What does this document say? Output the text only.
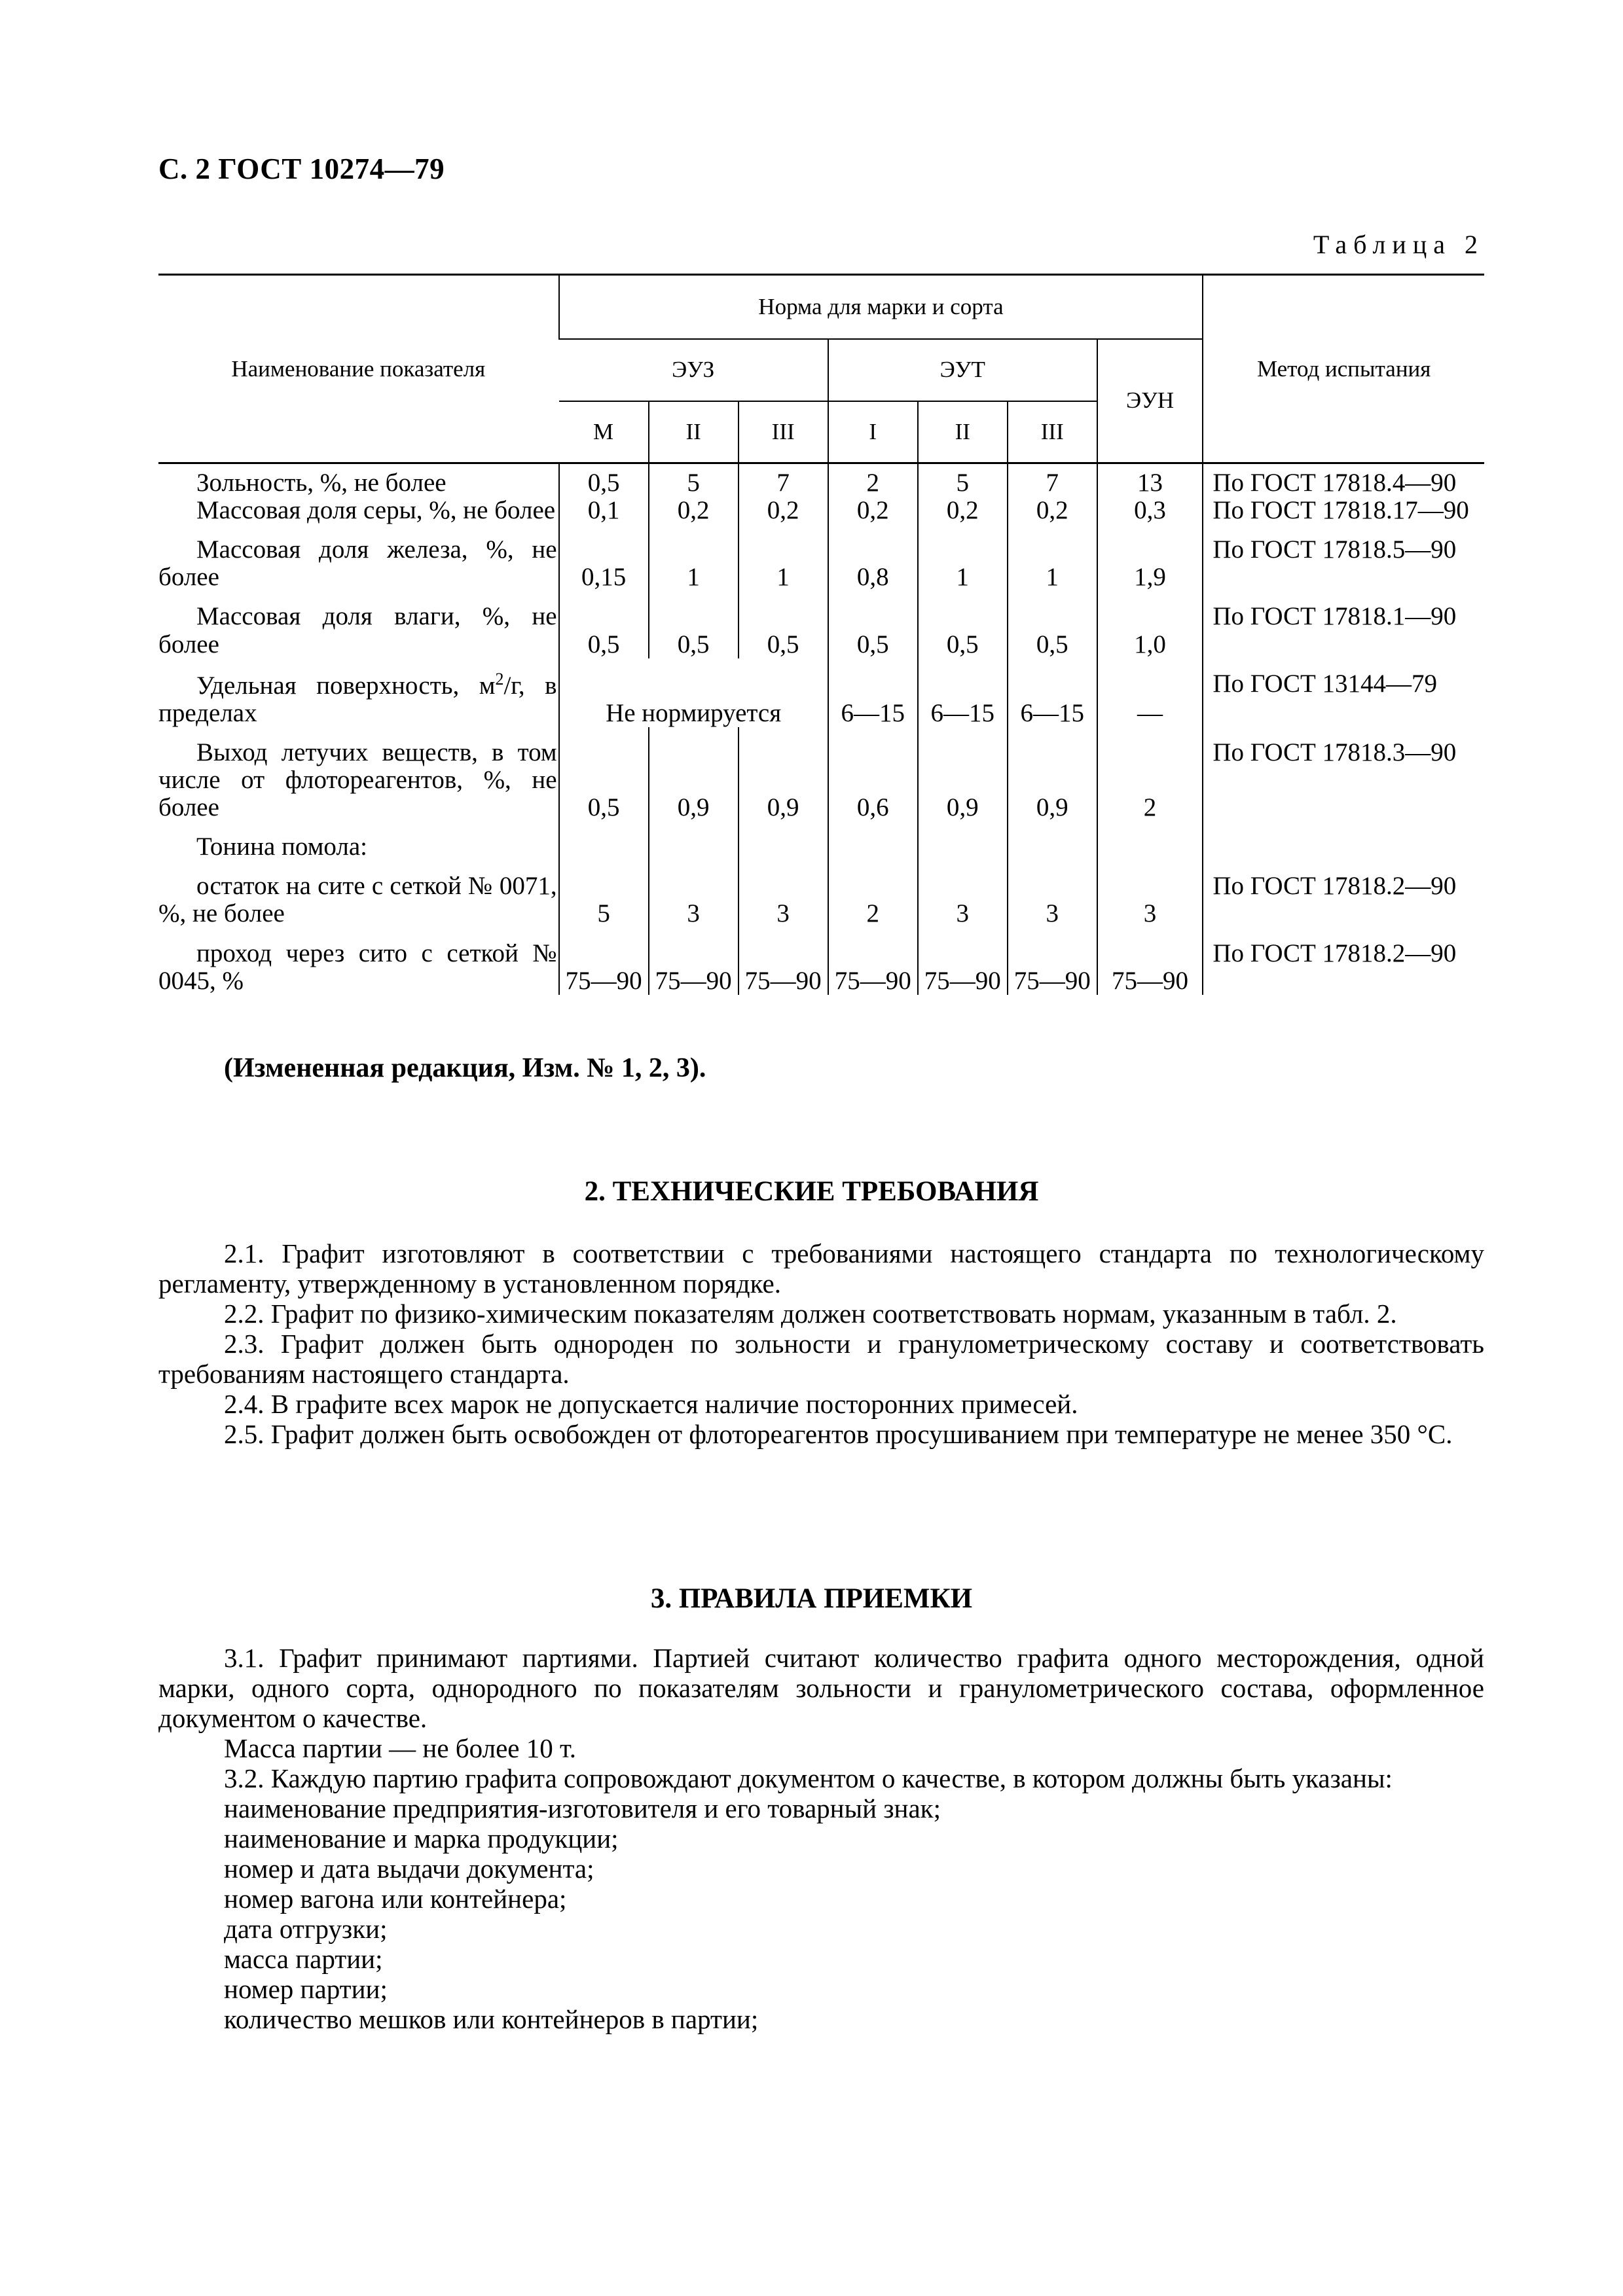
С. 2 ГОСТ 10274—79
Таблица 2
Наименование показателя	Норма для марки и сорта							Метод испытания
	ЭУЗ			ЭУТ			ЭУН	
	М	II	III	I	II	III		
Зольность, %, не более	0,5	5	7	2	5	7	13	По ГОСТ 17818.4—90
Массовая доля серы, %, не более	0,1	0,2	0,2	0,2	0,2	0,2	0,3	По ГОСТ 17818.17—90
Массовая доля железа, %, не более	0,15	1	1	0,8	1	1	1,9	По ГОСТ 17818.5—90
Массовая доля влаги, %, не более	0,5	0,5	0,5	0,5	0,5	0,5	1,0	По ГОСТ 17818.1—90
Удельная поверхность, $м^2/г$, в пределах	Не нормируется			6—15	6—15	6—15	—	По ГОСТ 13144—79
Выход летучих веществ, в том числе от флотореагентов, %, не более	0,5	0,9	0,9	0,6	0,9	0,9	2	По ГОСТ 17818.3—90
Тонина помола:								
остаток на сите с сеткой № 0071, %, не более	5	3	3	2	3	3	3	По ГОСТ 17818.2—90
проход через сито с сеткой № 0045, %	75—90	75—90	75—90	75—90	75—90	75—90	75—90	По ГОСТ 17818.2—90
(Измененная редакция, Изм. № 1, 2, 3).
2. ТЕХНИЧЕСКИЕ ТРЕБОВАНИЯ

2.1. Графит изготовляют в соответствии с требованиями настоящего стандарта по технологическому регламенту, утвержденному в установленном порядке.

2.2. Графит по физико-химическим показателям должен соответствовать нормам, указанным в табл. 2.

2.3. Графит должен быть однороден по зольности и гранулометрическому составу и соответствовать требованиям настоящего стандарта.

2.4. В графите всех марок не допускается наличие посторонних примесей.

2.5. Графит должен быть освобожден от флотореагентов просушиванием при температуре не менее 350 °С.

3. ПРАВИЛА ПРИЕМКИ

3.1. Графит принимают партиями. Партией считают количество графита одного месторождения, одной марки, одного сорта, однородного по показателям зольности и гранулометрического состава, оформленное документом о качестве.

Масса партии — не более 10 т.

3.2. Каждую партию графита сопровождают документом о качестве, в котором должны быть указаны:

наименование предприятия-изготовителя и его товарный знак;

наименование и марка продукции;

номер и дата выдачи документа;

номер вагона или контейнера;

дата отгрузки;

масса партии;

номер партии;

количество мешков или контейнеров в партии;
